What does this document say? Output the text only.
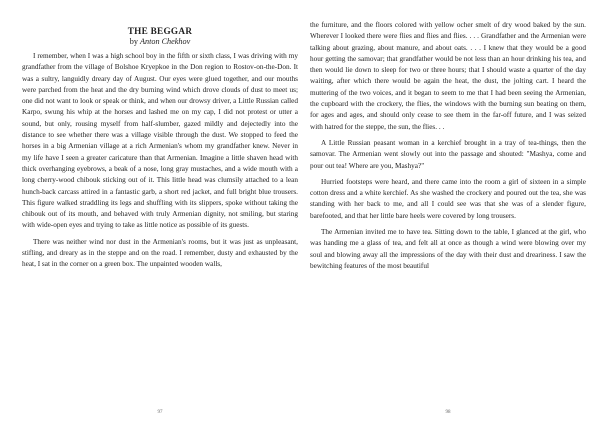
THE BEGGAR
by Anton Chekhov

I remember, when I was a high school boy in the fifth or sixth class, I was driving with my grandfather from the village of Bolshoe Kryepkoe in the Don region to Rostov-on-the-Don. It was a sultry, languidly dreary day of August. Our eyes were glued together, and our mouths were parched from the heat and the dry burning wind which drove clouds of dust to meet us; one did not want to look or speak or think, and when our drowsy driver, a Little Russian called Karpo, swung his whip at the horses and lashed me on my cap, I did not protest or utter a sound, but only, rousing myself from half-slumber, gazed mildly and dejectedly into the distance to see whether there was a village visible through the dust. We stopped to feed the horses in a big Armenian village at a rich Armenian's whom my grandfather knew. Never in my life have I seen a greater caricature than that Armenian. Imagine a little shaven head with thick overhanging eyebrows, a beak of a nose, long gray mustaches, and a wide mouth with a long cherry-wood chibouk sticking out of it. This little head was clumsily attached to a lean hunch-back carcass attired in a fantastic garb, a short red jacket, and full bright blue trousers. This figure walked straddling its legs and shuffling with its slippers, spoke without taking the chibouk out of its mouth, and behaved with truly Armenian dignity, not smiling, but staring with wide-open eyes and trying to take as little notice as possible of its guests.

There was neither wind nor dust in the Armenian's rooms, but it was just as unpleasant, stifling, and dreary as in the steppe and on the road. I remember, dusty and exhausted by the heat, I sat in the corner on a green box. The unpainted wooden walls,

97

the furniture, and the floors colored with yellow ocher smelt of dry wood baked by the sun. Wherever I looked there were flies and flies and flies. . . . Grandfather and the Armenian were talking about grazing, about manure, and about oats. . . . I knew that they would be a good hour getting the samovar; that grandfather would be not less than an hour drinking his tea, and then would lie down to sleep for two or three hours; that I should waste a quarter of the day waiting, after which there would be again the heat, the dust, the jolting cart. I heard the muttering of the two voices, and it began to seem to me that I had been seeing the Armenian, the cupboard with the crockery, the flies, the windows with the burning sun beating on them, for ages and ages, and should only cease to see them in the far-off future, and I was seized with hatred for the steppe, the sun, the flies. . .

A Little Russian peasant woman in a kerchief brought in a tray of tea-things, then the samovar. The Armenian went slowly out into the passage and shouted: "Mashya, come and pour out tea! Where are you, Mashya?"

Hurried footsteps were heard, and there came into the room a girl of sixteen in a simple cotton dress and a white kerchief. As she washed the crockery and poured out the tea, she was standing with her back to me, and all I could see was that she was of a slender figure, barefooted, and that her little bare heels were covered by long trousers.

The Armenian invited me to have tea. Sitting down to the table, I glanced at the girl, who was handing me a glass of tea, and felt all at once as though a wind were blowing over my soul and blowing away all the impressions of the day with their dust and dreariness. I saw the bewitching features of the most beautiful

98
